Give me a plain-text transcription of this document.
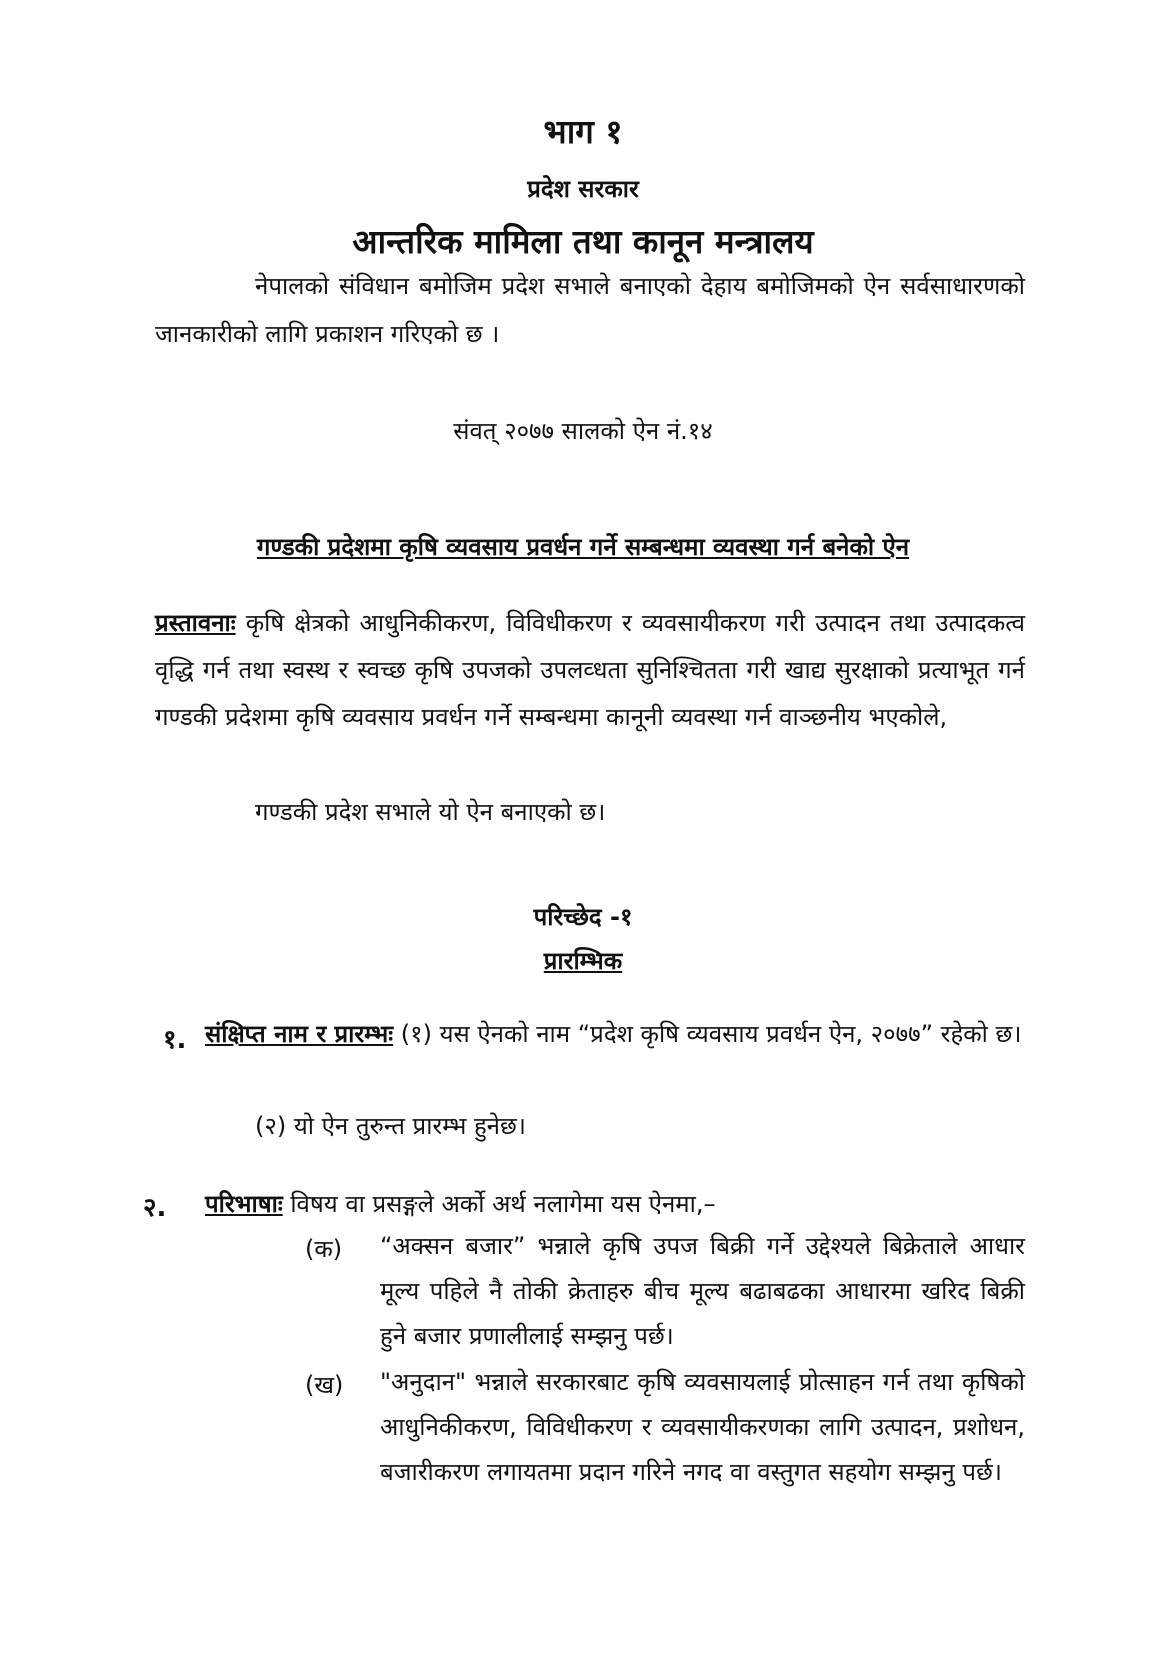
भाग १
प्रदेश सरकार
आन्तरिक मामिला तथा कानून मन्त्रालय
नेपालको संविधान बमोजिम प्रदेश सभाले बनाएको देहाय बमोजिमको ऐन सर्वसाधारणको जानकारीको लागि प्रकाशन गरिएको छ ।
संवत् २०७७ सालको ऐन नं.१४
गण्डकी प्रदेशमा कृषि व्यवसाय प्रवर्धन गर्ने सम्बन्धमा व्यवस्था गर्न बनेको ऐन
प्रस्तावनाः कृषि क्षेत्रको आधुनिकीकरण, विविधीकरण र व्यवसायीकरण गरी उत्पादन तथा उत्पादकत्व वृद्धि गर्न तथा स्वस्थ र स्वच्छ कृषि उपजको उपलव्धता सुनिश्चितता गरी खाद्य सुरक्षाको प्रत्याभूत गर्न गण्डकी प्रदेशमा कृषि व्यवसाय प्रवर्धन गर्ने सम्बन्धमा कानूनी व्यवस्था गर्न वाञ्छनीय भएकोले,
गण्डकी प्रदेश सभाले यो ऐन बनाएको छ।
परिच्छेद -१
प्रारम्भिक
१. संक्षिप्त नाम र प्रारम्भः (१) यस ऐनको नाम “प्रदेश कृषि व्यवसाय प्रवर्धन ऐन, २०७७” रहेको छ।
(२) यो ऐन तुरुन्त प्रारम्भ हुनेछ।
२. परिभाषाः विषय वा प्रसङ्गले अर्को अर्थ नलागेमा यस ऐनमा,–
(क) “अक्सन बजार” भन्नाले कृषि उपज बिक्री गर्ने उद्देश्यले बिक्रेताले आधार मूल्य पहिले नै तोकी क्रेताहरु बीच मूल्य बढाबढका आधारमा खरिद बिक्री हुने बजार प्रणालीलाई सम्झनु पर्छ।
(ख) "अनुदान" भन्नाले सरकारबाट कृषि व्यवसायलाई प्रोत्साहन गर्न तथा कृषिको आधुनिकीकरण, विविधीकरण र व्यवसायीकरणका लागि उत्पादन, प्रशोधन, बजारीकरण लगायतमा प्रदान गरिने नगद वा वस्तुगत सहयोग सम्झनु पर्छ।
